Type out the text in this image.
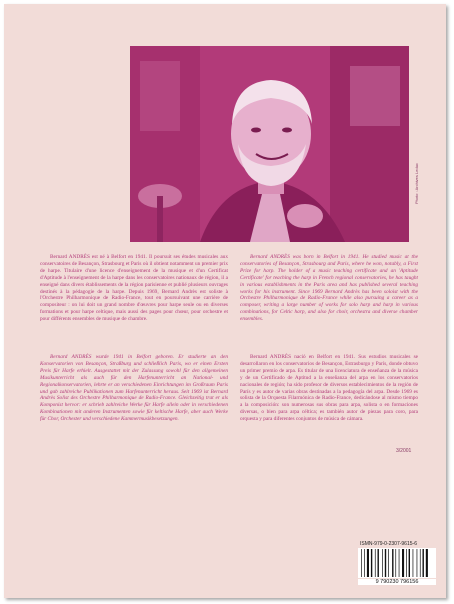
Photo : Archives Leduc

Bernard ANDRÈS est né à Belfort en 1941. Il poursuit ses études musicales aux conservatoires de Besançon, Strasbourg et Paris où il obtient notamment un premier prix de harpe. Titulaire d'une licence d'enseignement de la musique et d'un Certificat d'Aptitude à l'enseignement de la harpe dans les conservatoires nationaux de région, il a enseigné dans divers établissements de la région parisienne et publié plusieurs ouvrages destinés à la pédagogie de la harpe. Depuis 1969, Bernard Andrès est soliste à l'Orchestre Philharmonique de Radio-France, tout en poursuivant une carrière de compositeur : on lui doit un grand nombre d'œuvres pour harpe seule ou en diverses formations et pour harpe celtique, mais aussi des pages pour chœur, pour orchestre et pour différents ensembles de musique de chambre.

Bernard ANDRÈS was born in Belfort in 1941. He studied music at the conservatories of Besançon, Strasbourg and Paris, where he won, notably, a First Prize for harp. The holder of a music teaching certificate and an 'Aptitude Certificate' for teaching the harp in French regional conservatories, he has taught in various establishments in the Paris area and has published several teaching works for his instrument. Since 1969 Bernard Andrès has been soloist with the Orchestre Philharmonique de Radio-France while also pursuing a career as a composer, writing a large number of works for solo harp and harp in various combinations, for Celtic harp, and also for choir, orchestra and diverse chamber ensembles.

Bernard ANDRÈS wurde 1941 in Belfort geboren. Er studierte an den Konservatorien von Besançon, Straßburg und schließlich Paris, wo er einen Ersten Preis für Harfe erhielt. Ausgestattet mit der Zulassung sowohl für den allgemeinen Musikunterricht als auch für den Harfenunterricht an National- und Regionalkonservatorien, lehrte er an verschiedenen Einrichtungen im Großraum Paris und gab zahlreiche Publikationen zum Harfenunterricht heraus. Seit 1969 ist Bernard Andrès Solist des Orchestre Philharmonique de Radio-France. Gleichzeitig trat er als Komponist hervor: er schrieb zahlreiche Werke für Harfe allein oder in verschiedenen Kombinationen mit anderen Instrumenten sowie für keltische Harfe, aber auch Werke für Chor, Orchester und verschiedene Kammermusikbesetzungen.

Bernard ANDRÈS nació en Belfort en 1941. Sus estudios musicales se desarrollaron en los conservatorios de Besançon, Estrasburgo y París, donde obtuvo un primer premio de arpa. Es titular de una licenciatura de enseñanza de la música y de un Certificado de Aptitud a la enseñanza del arpa en los conservatorios nacionales de región; ha sido profesor de diversos establecimientos de la región de París y es autor de varias obras destinadas a la pedagogía del arpa. Desde 1969 es solista de la Orquesta Filarmónica de Radio-France, dedicándose al mismo tiempo a la composición: son numerosas sus obras para arpa, solista o en formaciones diversas, o bien para arpa céltica; es también autor de piezas para coro, para orquesta y para diferentes conjuntos de música de cámara.

3/2001
ISMN-979-0-2307-9615-6
9 790230 796156
